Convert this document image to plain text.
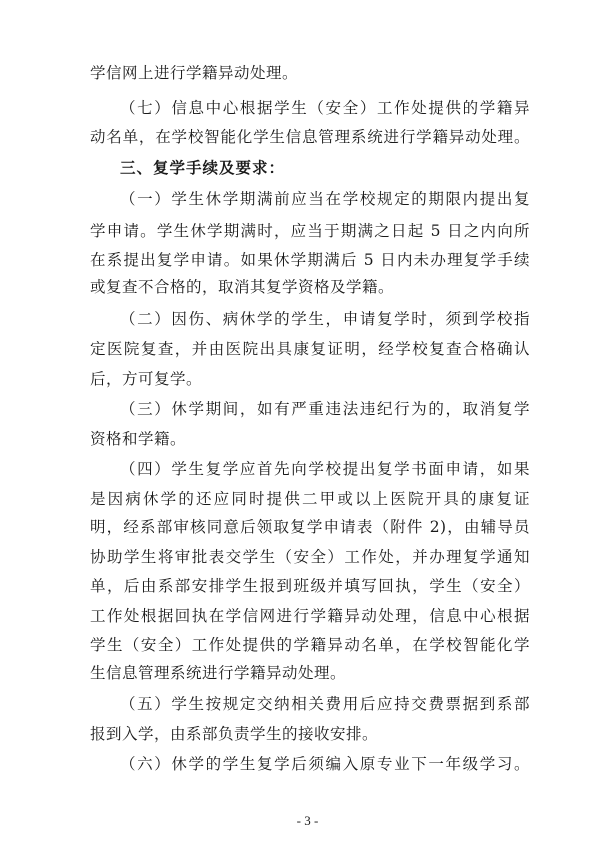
学信网上进行学籍异动处理。
（七）信息中心根据学生（安全）工作处提供的学籍异
动名单，在学校智能化学生信息管理系统进行学籍异动处理。
三、复学手续及要求：
（一）学生休学期满前应当在学校规定的期限内提出复
学申请。学生休学期满时，应当于期满之日起 5 日之内向所
在系提出复学申请。如果休学期满后 5 日内未办理复学手续
或复查不合格的，取消其复学资格及学籍。
（二）因伤、病休学的学生，申请复学时，须到学校指
定医院复查，并由医院出具康复证明，经学校复查合格确认
后，方可复学。
（三）休学期间，如有严重违法违纪行为的，取消复学
资格和学籍。
（四）学生复学应首先向学校提出复学书面申请，如果
是因病休学的还应同时提供二甲或以上医院开具的康复证
明，经系部审核同意后领取复学申请表（附件 2)，由辅导员
协助学生将审批表交学生（安全）工作处，并办理复学通知
单，后由系部安排学生报到班级并填写回执，学生（安全）
工作处根据回执在学信网进行学籍异动处理，信息中心根据
学生（安全）工作处提供的学籍异动名单，在学校智能化学
生信息管理系统进行学籍异动处理。
（五）学生按规定交纳相关费用后应持交费票据到系部
报到入学，由系部负责学生的接收安排。
（六）休学的学生复学后须编入原专业下一年级学习。
- 3 -
